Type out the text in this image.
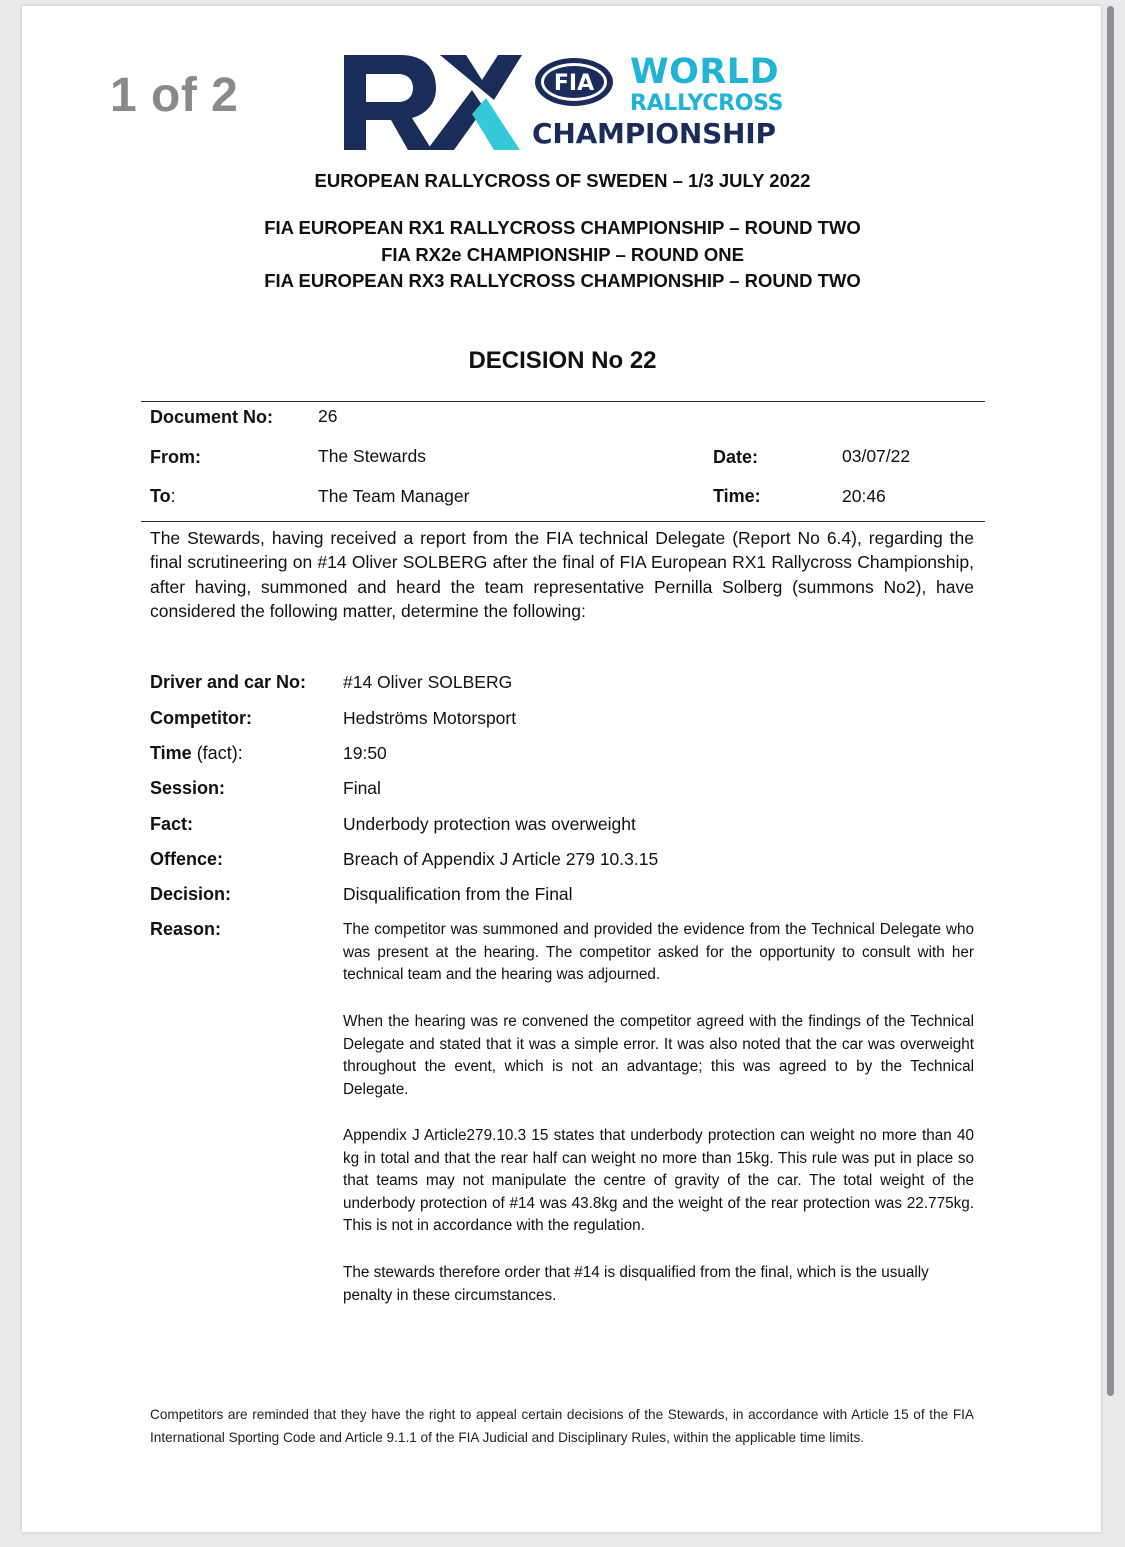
1 of 2	FIA WORLD
RALLYCROSS
CHAMPIONSHIP
EUROPEAN RALLYCROSS OF SWEDEN – 1/3 JULY 2022
FIA EUROPEAN RX1 RALLYCROSS CHAMPIONSHIP – ROUND TWO
FIA RX2e CHAMPIONSHIP – ROUND ONE
FIA EUROPEAN RX3 RALLYCROSS CHAMPIONSHIP – ROUND TWO
DECISION No 22
Document No:	26
From:	The Stewards	Date:	03/07/22
To:	The Team Manager	Time:	20:46
The Stewards, having received a report from the FIA technical Delegate (Report No 6.4), regarding the final scrutineering on #14 Oliver SOLBERG after the final of FIA European RX1 Rallycross Championship, after having, summoned and heard the team representative Pernilla Solberg (summons No2), have considered the following matter, determine the following:
Driver and car No: #14 Oliver SOLBERG
Competitor:	Hedströms Motorsport
Time (fact):	19:50
Session:	Final
Fact:	Underbody protection was overweight
Offence:	Breach of Appendix J Article 279 10.3.15
Decision:	Disqualification from the Final
Reason:	The competitor was summoned and provided the evidence from the Technical Delegate who was present at the hearing. The competitor asked for the opportunity to consult with her technical team and the hearing was adjourned.
When the hearing was re convened the competitor agreed with the findings of the Technical Delegate and stated that it was a simple error. It was also noted that the car was overweight throughout the event, which is not an advantage; this was agreed to by the Technical Delegate.
Appendix J Article279.10.3 15 states that underbody protection can weight no more than 40 kg in total and that the rear half can weight no more than 15kg. This rule was put in place so that teams may not manipulate the centre of gravity of the car. The total weight of the underbody protection of #14 was 43.8kg and the weight of the rear protection was 22.775kg. This is not in accordance with the regulation.
The stewards therefore order that #14 is disqualified from the final, which is the usually penalty in these circumstances.
Competitors are reminded that they have the right to appeal certain decisions of the Stewards, in accordance with Article 15 of the FIA International Sporting Code and Article 9.1.1 of the FIA Judicial and Disciplinary Rules, within the applicable time limits.
